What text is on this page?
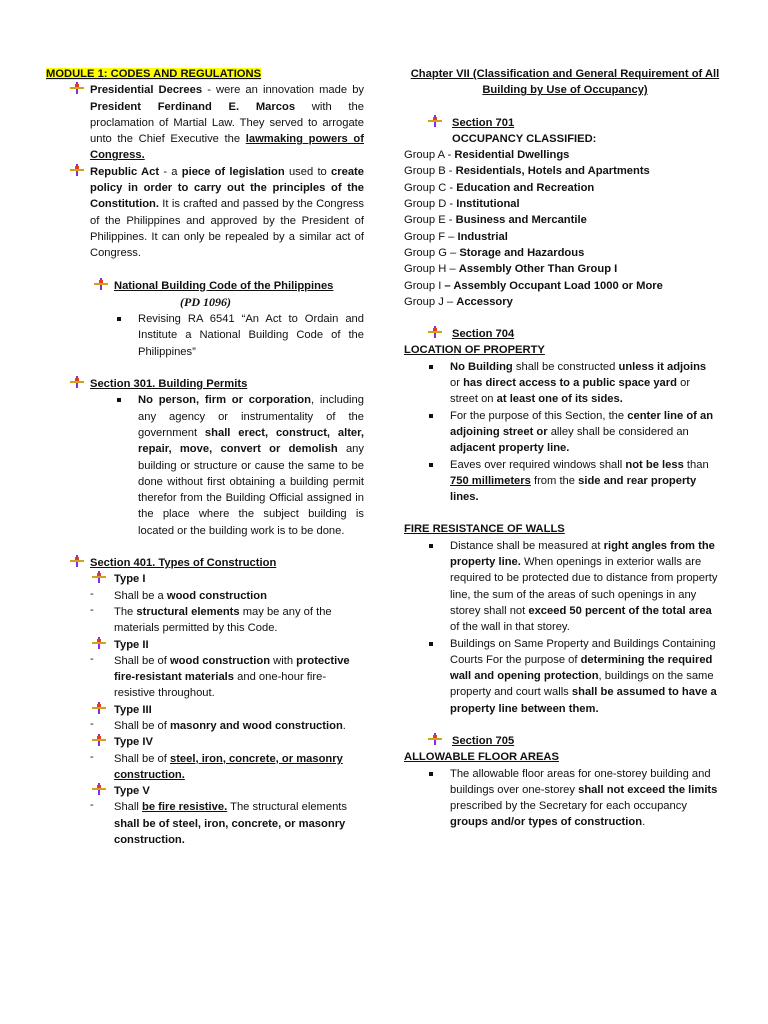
MODULE 1: CODES AND REGULATIONS
Presidential Decrees - were an innovation made by
President Ferdinand E. Marcos with the
proclamation of Martial Law. They served to arrogate
unto the Chief Executive the lawmaking powers of
Congress.
Republic Act - a piece of legislation used to create
policy in order to carry out the principles of the
Constitution. It is crafted and passed by the Congress
of the Philippines and approved by the President of
Philippines. It can only be repealed by a similar act of
Congress.
National Building Code of the Philippines
(PD 1096)
Revising RA 6541 “An Act to Ordain and
Institute a National Building Code of the
Philippines”
Section 301. Building Permits
No person, firm or corporation, including
any agency or instrumentality of the
government shall erect, construct, alter,
repair, move, convert or demolish any
building or structure or cause the same to be
done without first obtaining a building permit
therefor from the Building Official assigned in
the place where the subject building is
located or the building work is to be done.
Section 401. Types of Construction
Type I
-	Shall be a wood construction
-	The structural elements may be any of the
materials permitted by this Code.
Type II
-	Shall be of wood construction with protective
fire-resistant materials and one-hour fire-
resistive throughout.
Type III
-	Shall be of masonry and wood construction.
Type IV
-	Shall be of steel, iron, concrete, or masonry
construction.
Type V
-	Shall be fire resistive. The structural elements
shall be of steel, iron, concrete, or masonry
construction.
Chapter VII (Classification and General Requirement of All
Building by Use of Occupancy)
Section 701
OCCUPANCY CLASSIFIED:
Group A - Residential Dwellings
Group B - Residentials, Hotels and Apartments
Group C - Education and Recreation
Group D - Institutional
Group E - Business and Mercantile
Group F – Industrial
Group G – Storage and Hazardous
Group H – Assembly Other Than Group I
Group I – Assembly Occupant Load 1000 or More
Group J – Accessory
Section 704
LOCATION OF PROPERTY
No Building shall be constructed unless it adjoins
or has direct access to a public space yard or
street on at least one of its sides.
For the purpose of this Section, the center line of an
adjoining street or alley shall be considered an
adjacent property line.
Eaves over required windows shall not be less than
750 millimeters from the side and rear property
lines.
FIRE RESISTANCE OF WALLS
Distance shall be measured at right angles from the
property line. When openings in exterior walls are
required to be protected due to distance from property
line, the sum of the areas of such openings in any
storey shall not exceed 50 percent of the total area
of the wall in that storey.
Buildings on Same Property and Buildings Containing
Courts For the purpose of determining the required
wall and opening protection, buildings on the same
property and court walls shall be assumed to have a
property line between them.
Section 705
ALLOWABLE FLOOR AREAS
The allowable floor areas for one-storey building and
buildings over one-storey shall not exceed the limits
prescribed by the Secretary for each occupancy
groups and/or types of construction.
